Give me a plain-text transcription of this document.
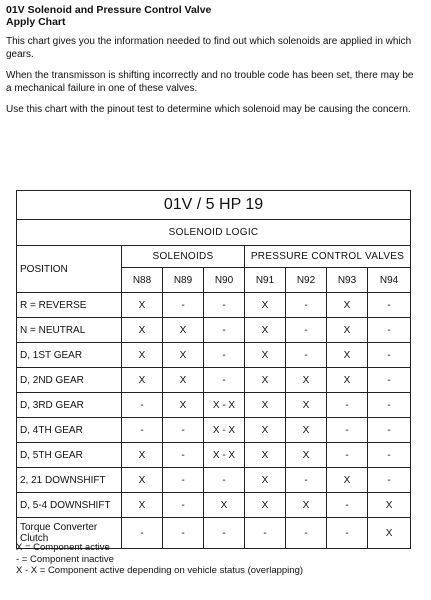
01V Solenoid and Pressure Control Valve
Apply Chart

This chart gives you the information needed to find out which solenoids are applied in which gears.

When the transmisson is shifting incorrectly and no trouble code has been set, there may be a mechanical failure in one of these valves.

Use this chart with the pinout test to determine which solenoid may be causing the concern.

01V / 5 HP 19							
SOLENOID LOGIC							
POSITION	SOLENOIDS			PRESSURE CONTROL VALVES			
	N88	N89	N90	N91	N92	N93	N94
R = REVERSE	X	-	-	X	-	X	-
N = NEUTRAL	X	X	-	X	-	X	-
D, 1ST GEAR	X	X	-	X	-	X	-
D, 2ND GEAR	X	X	-	X	X	X	-
D, 3RD GEAR	-	X	X - X	X	X	-	-
D, 4TH GEAR	-	-	X - X	X	X	-	-
D, 5TH GEAR	X	-	X - X	X	X	-	-
2, 21 DOWNSHIFT	X	-	-	X	-	X	-
D, 5-4 DOWNSHIFT	X	-	X	X	X	-	X
Torque Converter
Clutch	-	-	-	-	-	-	X
X = Component active
- = Component inactive
X - X = Component active depending on vehicle status (overlapping)
